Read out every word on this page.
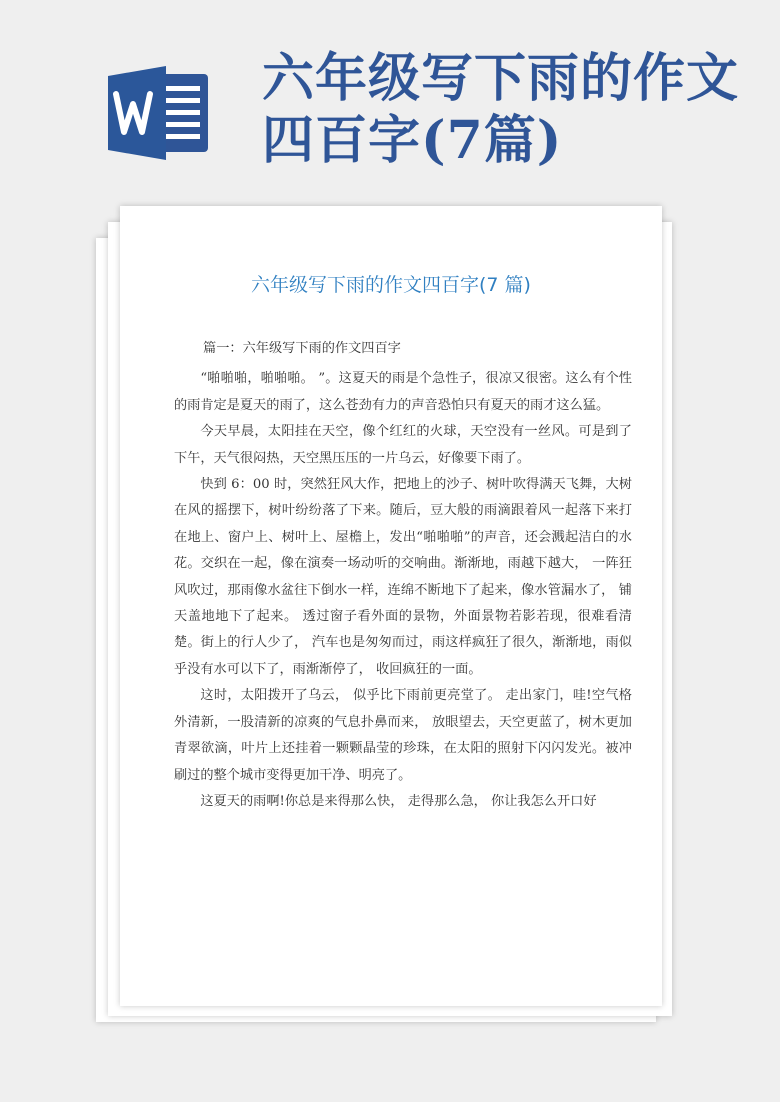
六年级写下雨的作文四百字(7篇)
六年级写下雨的作文四百字(7 篇)

篇一：六年级写下雨的作文四百字

“啪啪啪，啪啪啪。 ”。这夏天的雨是个急性子，很凉又很密。这么有个性的雨肯定是夏天的雨了，这么苍劲有力的声音恐怕只有夏天的雨才这么猛。

今天早晨，太阳挂在天空，像个红红的火球，天空没有一丝风。可是到了下午，天气很闷热，天空黑压压的一片乌云，好像要下雨了。

快到 6：00 时，突然狂风大作，把地上的沙子、树叶吹得满天飞舞，大树在风的摇摆下，树叶纷纷落了下来。随后，豆大般的雨滴跟着风一起落下来打在地上、窗户上、树叶上、屋檐上，发出“啪啪啪”的声音，还会溅起洁白的水花。交织在一起，像在演奏一场动听的交响曲。渐渐地，雨越下越大， 一阵狂风吹过，那雨像水盆往下倒水一样，连绵不断地下了起来，像水管漏水了， 铺天盖地地下了起来。 透过窗子看外面的景物，外面景物若影若现，很难看清楚。街上的行人少了， 汽车也是匆匆而过，雨这样疯狂了很久，渐渐地，雨似乎没有水可以下了，雨渐渐停了， 收回疯狂的一面。

这时，太阳拨开了乌云， 似乎比下雨前更亮堂了。 走出家门，哇!空气格外清新，一股清新的凉爽的气息扑鼻而来， 放眼望去，天空更蓝了，树木更加青翠欲滴，叶片上还挂着一颗颗晶莹的珍珠，在太阳的照射下闪闪发光。被冲刷过的整个城市变得更加干净、明亮了。

这夏天的雨啊!你总是来得那么快， 走得那么急， 你让我怎么开口好
